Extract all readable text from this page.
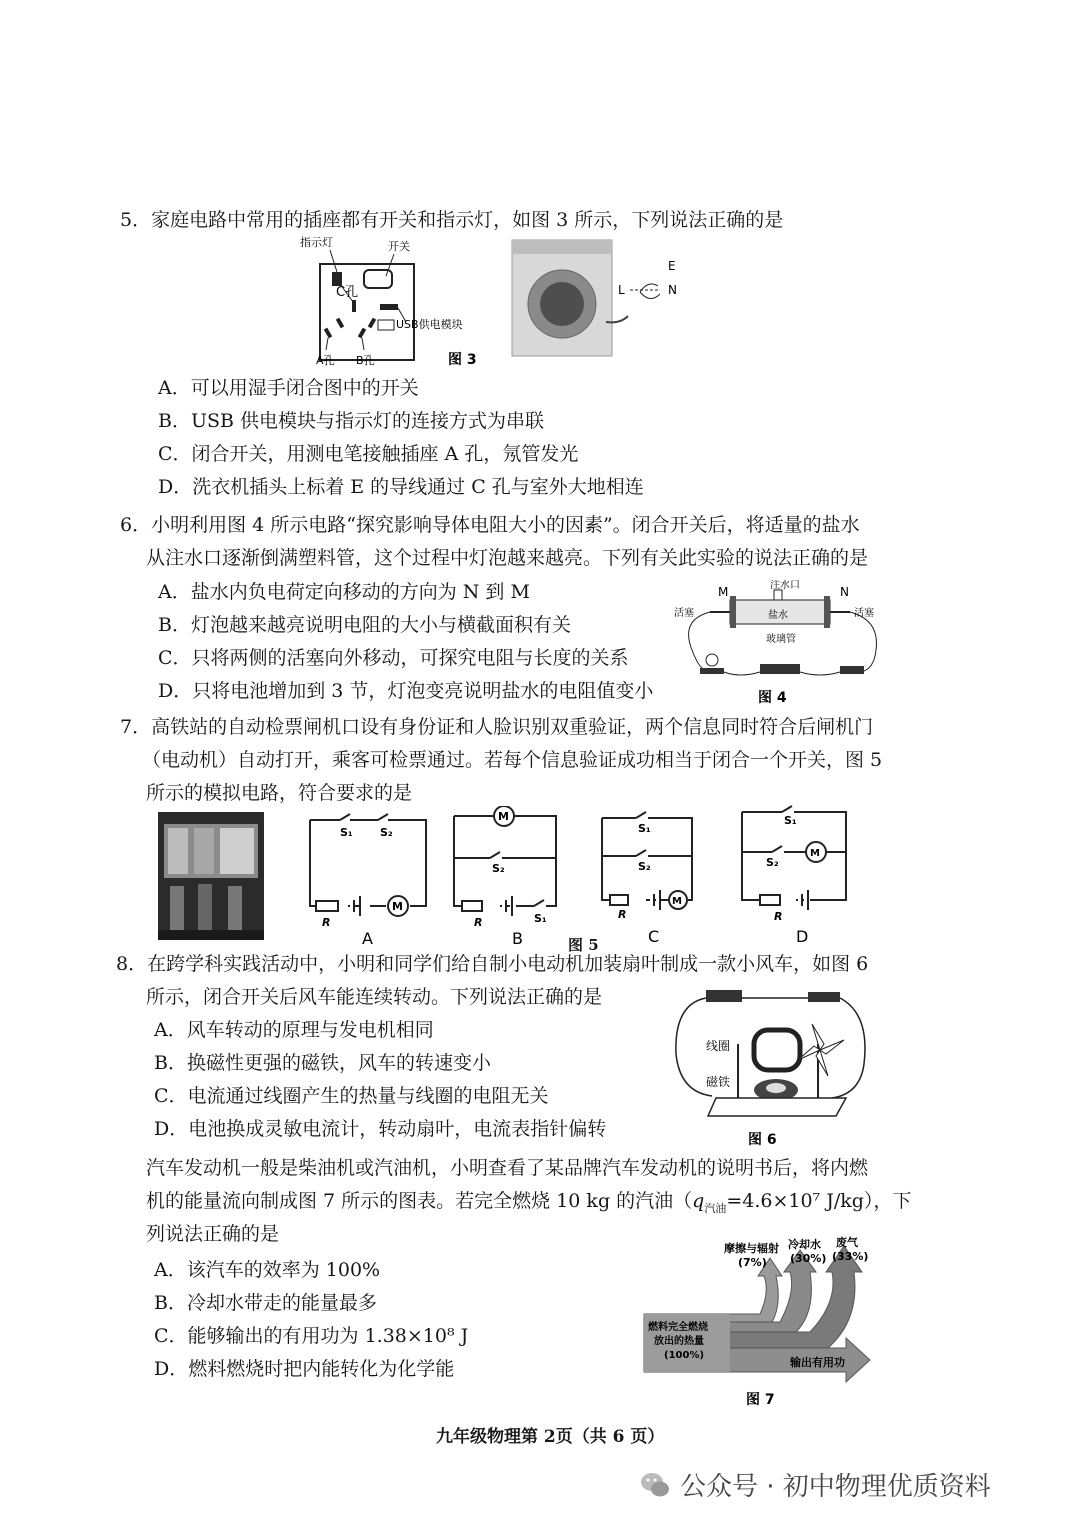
5．家庭电路中常用的插座都有开关和指示灯，如图 3 所示，下列说法正确的是
指示灯	开关
C孔
USB供电模块
A孔 B孔	图 3
L
E
N
A．可以用湿手闭合图中的开关
B．USB 供电模块与指示灯的连接方式为串联
C．闭合开关，用测电笔接触插座 A 孔，氖管发光
D．洗衣机插头上标着 E 的导线通过 C 孔与室外大地相连
6．小明利用图 4 所示电路“探究影响导体电阻大小的因素”。闭合开关后，将适量的盐水
从注水口逐渐倒满塑料管，这个过程中灯泡越来越亮。下列有关此实验的说法正确的是
A．盐水内负电荷定向移动的方向为 N 到 M
B．灯泡越来越亮说明电阻的大小与横截面积有关
C．只将两侧的活塞向外移动，可探究电阻与长度的关系
D．只将电池增加到 3 节，灯泡变亮说明盐水的电阻值变小
M	N
注水口
盐水
活塞	活塞
玻璃管
图 4
7．高铁站的自动检票闸机口设有身份证和人脸识别双重验证，两个信息同时符合后闸机门
（电动机）自动打开，乘客可检票通过。若每个信息验证成功相当于闭合一个开关，图 5
所示的模拟电路，符合要求的是
M
S₁ S₂
R
A
M
S₂
S₁
R
B	图 5
M
S₁
S₂
R
C
M
S₁
S₂
R
D
8．在跨学科实践活动中，小明和同学们给自制小电动机加装扇叶制成一款小风车，如图 6
所示，闭合开关后风车能连续转动。下列说法正确的是
A．风车转动的原理与发电机相同
B．换磁性更强的磁铁，风车的转速变小
C．电流通过线圈产生的热量与线圈的电阻无关
D．电池换成灵敏电流计，转动扇叶，电流表指针偏转
线圈
磁铁
图 6
汽车发动机一般是柴油机或汽油机，小明查看了某品牌汽车发动机的说明书后，将内燃
机的能量流向制成图 7 所示的图表。若完全燃烧 10 kg 的汽油（$q_{汽油}=4.6\times 10^7$ J/kg），下
列说法正确的是
A．该汽车的效率为 100%
B．冷却水带走的能量最多
C．能够输出的有用功为 1.38×10⁸ J
D．燃料燃烧时把内能转化为化学能
摩擦与辐射
(7%)
冷却水
(30%)
废气
(33%)
燃料完全燃烧
放出的热量
(100%)
输出有用功
图 7
九年级物理第 2页（共 6 页）
公众号 · 初中物理优质资料
